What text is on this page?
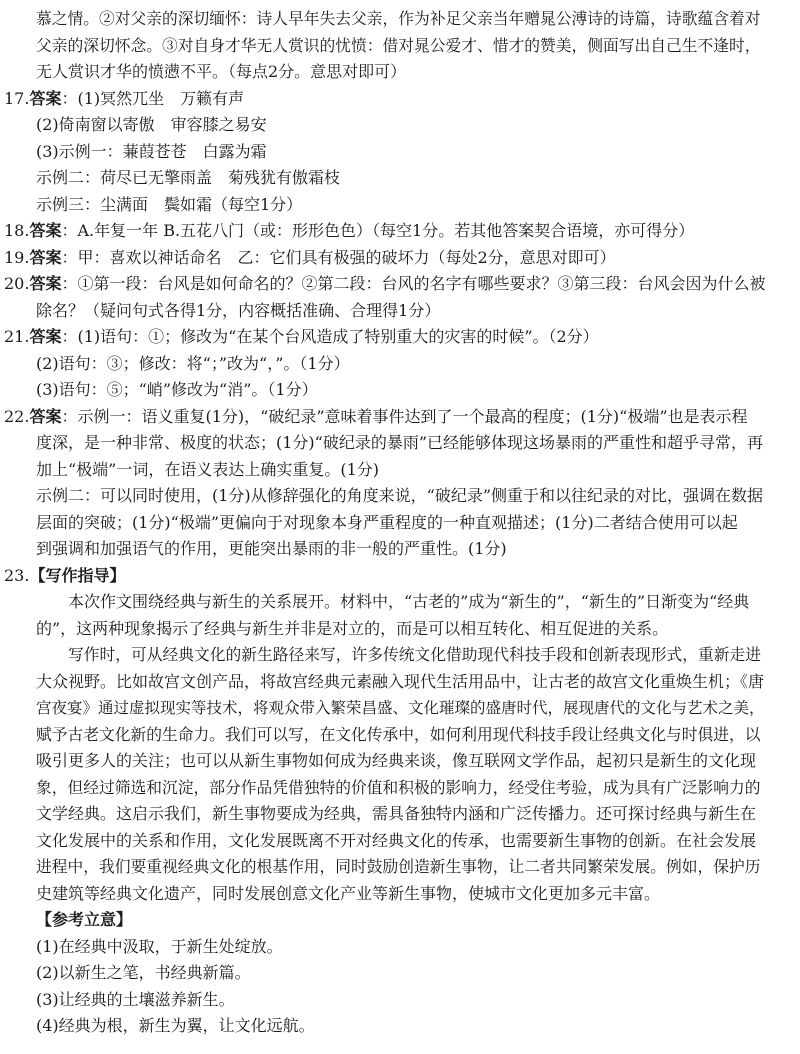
慕之情。②对父亲的深切缅怀：诗人早年失去父亲，作为补足父亲当年赠晁公溥诗的诗篇，诗歌蕴含着对
父亲的深切怀念。③对自身才华无人赏识的忧愤：借对晁公爱才、惜才的赞美，侧面写出自己生不逢时，
无人赏识才华的愤懑不平。（每点2分。意思对即可）
17.答案：(1)冥然兀坐　万籁有声
(2)倚南窗以寄傲　审容膝之易安
(3)示例一：蒹葭苍苍　白露为霜
示例二：荷尽已无擎雨盖　菊残犹有傲霜枝
示例三：尘满面　鬓如霜（每空1分）
18.答案：A.年复一年 B.五花八门（或：形形色色）（每空1分。若其他答案契合语境，亦可得分）
19.答案：甲：喜欢以神话命名　乙：它们具有极强的破坏力（每处2分，意思对即可）
20.答案：①第一段：台风是如何命名的？②第二段：台风的名字有哪些要求？③第三段：台风会因为什么被
除名？（疑问句式各得1分，内容概括准确、合理得1分）
21.答案：(1)语句：①；修改为“在某个台风造成了特别重大的灾害的时候”。（2分）
(2)语句：③；修改：将“；”改为“，”。（1分）
(3)语句：⑤；“峭”修改为“消”。（1分）
22.答案：示例一：语义重复(1分)，“破纪录”意味着事件达到了一个最高的程度；(1分)“极端”也是表示程
度深，是一种非常、极度的状态；(1分)“破纪录的暴雨”已经能够体现这场暴雨的严重性和超乎寻常，再
加上“极端”一词，在语义表达上确实重复。(1分)
示例二：可以同时使用，(1分)从修辞强化的角度来说，“破纪录”侧重于和以往纪录的对比，强调在数据
层面的突破；(1分)“极端”更偏向于对现象本身严重程度的一种直观描述；(1分)二者结合使用可以起
到强调和加强语气的作用，更能突出暴雨的非一般的严重性。(1分)
23.【写作指导】
本次作文围绕经典与新生的关系展开。材料中，“古老的”成为“新生的”，“新生的”日渐变为“经典
的”，这两种现象揭示了经典与新生并非是对立的，而是可以相互转化、相互促进的关系。
写作时，可从经典文化的新生路径来写，许多传统文化借助现代科技手段和创新表现形式，重新走进
大众视野。比如故宫文创产品，将故宫经典元素融入现代生活用品中，让古老的故宫文化重焕生机；《唐
宫夜宴》通过虚拟现实等技术，将观众带入繁荣昌盛、文化璀璨的盛唐时代，展现唐代的文化与艺术之美，
赋予古老文化新的生命力。我们可以写，在文化传承中，如何利用现代科技手段让经典文化与时俱进，以
吸引更多人的关注；也可以从新生事物如何成为经典来谈，像互联网文学作品，起初只是新生的文化现
象，但经过筛选和沉淀，部分作品凭借独特的价值和积极的影响力，经受住考验，成为具有广泛影响力的
文学经典。这启示我们，新生事物要成为经典，需具备独特内涵和广泛传播力。还可探讨经典与新生在
文化发展中的关系和作用，文化发展既离不开对经典文化的传承，也需要新生事物的创新。在社会发展
进程中，我们要重视经典文化的根基作用，同时鼓励创造新生事物，让二者共同繁荣发展。例如，保护历
史建筑等经典文化遗产，同时发展创意文化产业等新生事物，使城市文化更加多元丰富。
【参考立意】
(1)在经典中汲取，于新生处绽放。
(2)以新生之笔，书经典新篇。
(3)让经典的土壤滋养新生。
(4)经典为根，新生为翼，让文化远航。
